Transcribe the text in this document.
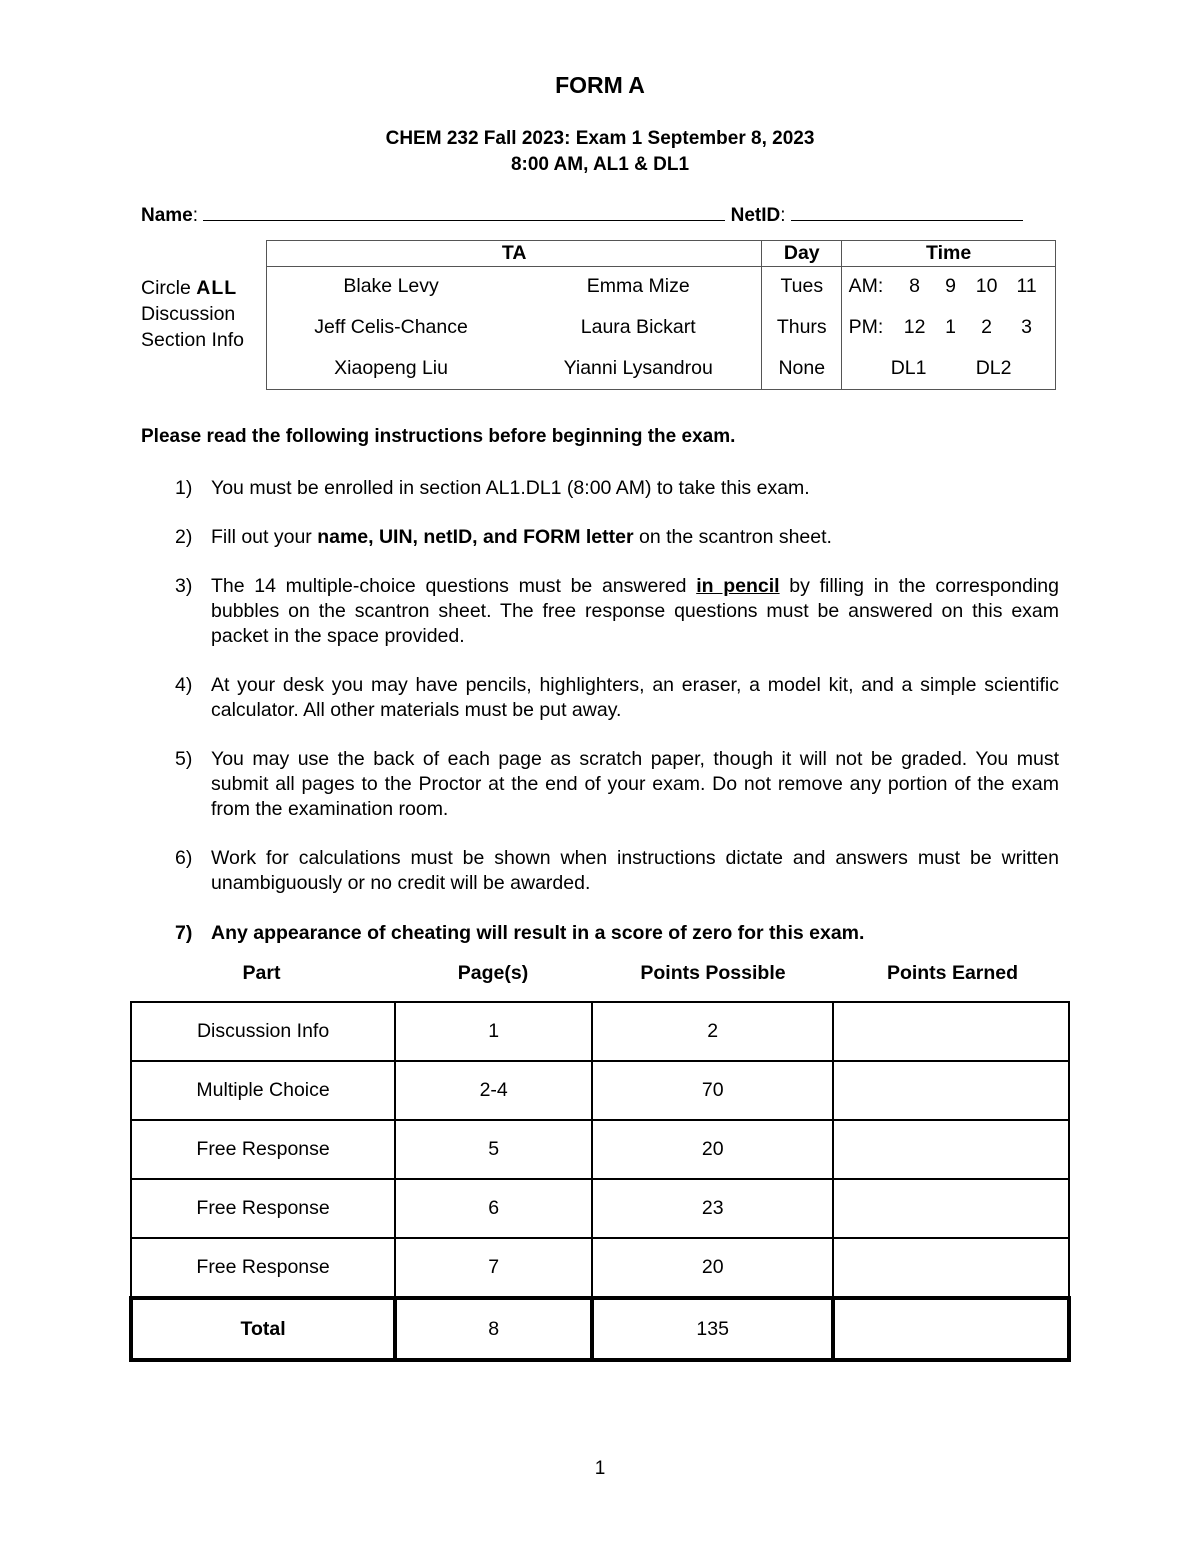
FORM A
CHEM 232 Fall 2023: Exam 1 September 8, 2023
8:00 AM, AL1 & DL1
Name:	NetID:
Circle ALL
Discussion
Section Info
TA		Day	Time
Blake Levy	Emma Mize	Tues	AM: 8 9 10 11
Jeff Celis-Chance	Laura Bickart	Thurs	PM: 12 1 2 3
Xiaopeng Liu	Yianni Lysandrou	None	DL1 DL2
Please read the following instructions before beginning the exam.
1) You must be enrolled in section AL1.DL1 (8:00 AM) to take this exam.
2) Fill out your name, UIN, netID, and FORM letter on the scantron sheet.
3) The 14 multiple-choice questions must be answered in pencil by filling in the corresponding bubbles on the scantron sheet. The free response questions must be answered on this exam packet in the space provided.
4) At your desk you may have pencils, highlighters, an eraser, a model kit, and a simple scientific calculator. All other materials must be put away.
5) You may use the back of each page as scratch paper, though it will not be graded. You must submit all pages to the Proctor at the end of your exam. Do not remove any portion of the exam from the examination room.
6) Work for calculations must be shown when instructions dictate and answers must be written unambiguously or no credit will be awarded.
7) Any appearance of cheating will result in a score of zero for this exam.
Part	Page(s)	Points Possible	Points Earned
Discussion Info	1	2	
Multiple Choice	2-4	70	
Free Response	5	20	
Free Response	6	23	
Free Response	7	20	
Total	8	135	
1
